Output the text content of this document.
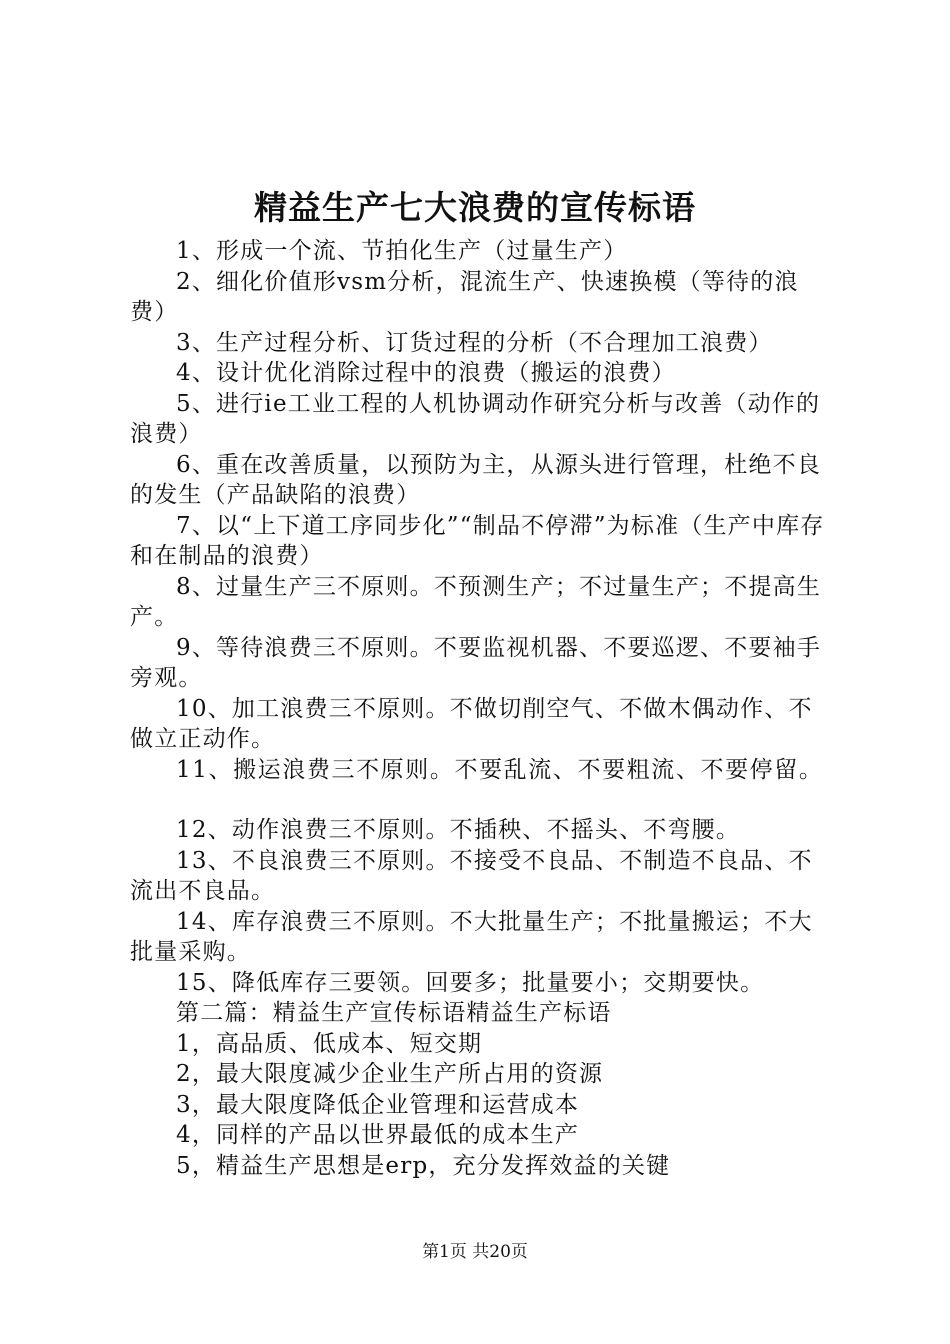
精益生产七大浪费的宣传标语

1、形成一个流、节拍化生产（过量生产）

2、细化价值形vsm分析，混流生产、快速换模（等待的浪费）

3、生产过程分析、订货过程的分析（不合理加工浪费）

4、设计优化消除过程中的浪费（搬运的浪费）

5、进行ie工业工程的人机协调动作研究分析与改善（动作的浪费）

6、重在改善质量，以预防为主，从源头进行管理，杜绝不良的发生（产品缺陷的浪费）

7、以“上下道工序同步化”“制品不停滞”为标准（生产中库存和在制品的浪费）

8、过量生产三不原则。不预测生产；不过量生产；不提高生产。

9、等待浪费三不原则。不要监视机器、不要巡逻、不要袖手旁观。

10、加工浪费三不原则。不做切削空气、不做木偶动作、不做立正动作。

11、搬运浪费三不原则。不要乱流、不要粗流、不要停留。

12、动作浪费三不原则。不插秧、不摇头、不弯腰。

13、不良浪费三不原则。不接受不良品、不制造不良品、不流出不良品。

14、库存浪费三不原则。不大批量生产；不批量搬运；不大批量采购。

15、降低库存三要领。回要多；批量要小；交期要快。

第二篇：精益生产宣传标语精益生产标语

1，高品质、低成本、短交期

2，最大限度减少企业生产所占用的资源

3，最大限度降低企业管理和运营成本

4，同样的产品以世界最低的成本生产

5，精益生产思想是erp，充分发挥效益的关键

第1页 共20页
